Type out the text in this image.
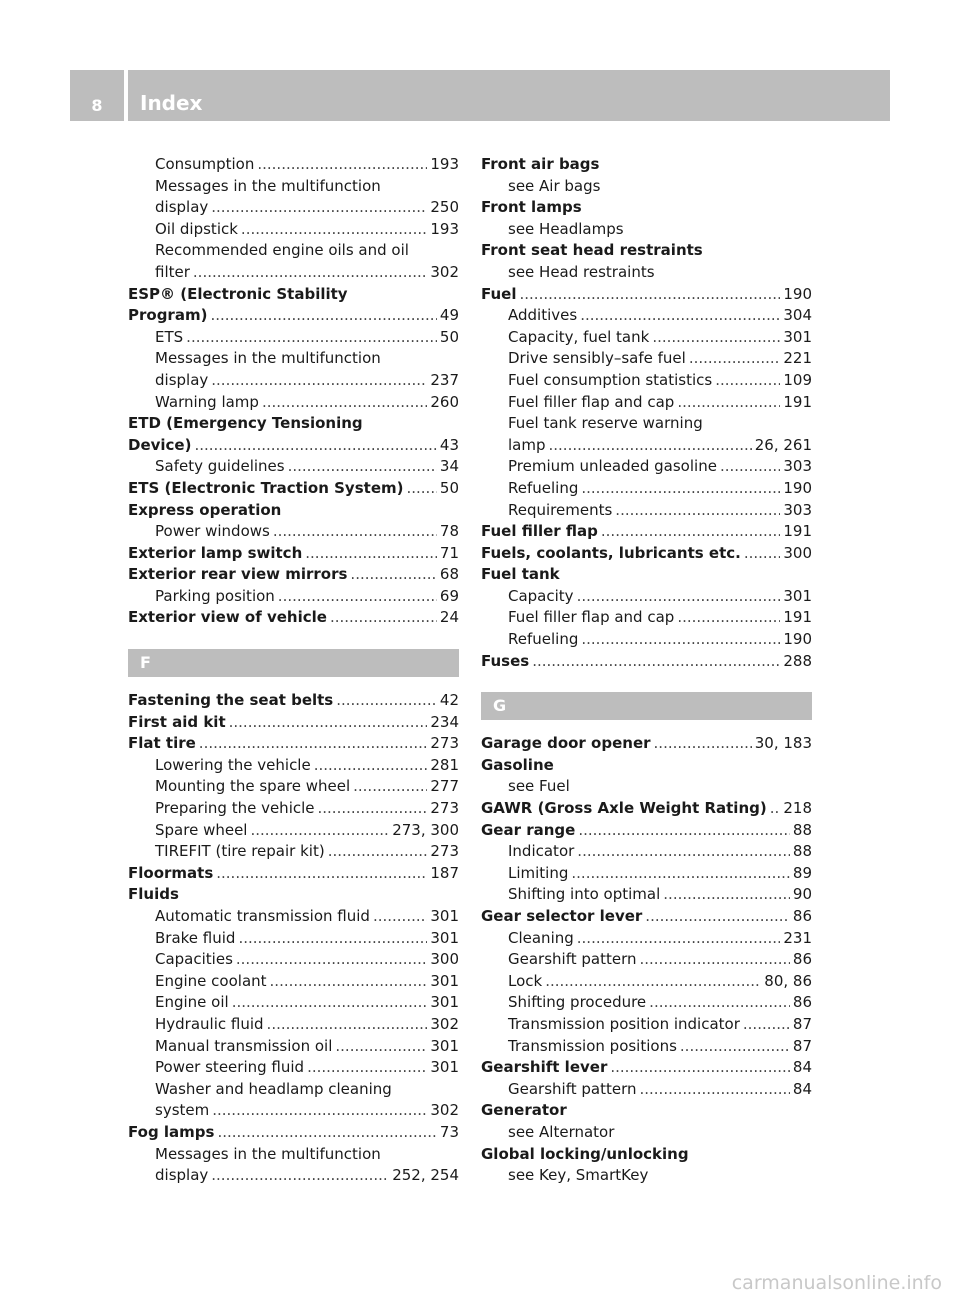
8	Index
Consumption .....	193
Messages in the multifunction
display .....	250
Oil dipstick .....	193
Recommended engine oils and oil
filter .....	302
ESP® (Electronic Stability
Program) .....	49
ETS .....	50
Messages in the multifunction
display .....	237
Warning lamp .....	260
ETD (Emergency Tensioning
Device) .....	43
Safety guidelines .....	34
ETS (Electronic Traction System) ..... 50
Express operation
Power windows .....	78
Exterior lamp switch .....	71
Exterior rear view mirrors .....	68
Parking position .....	69
Exterior view of vehicle .....	24
F
Fastening the seat belts .....	42
First aid kit .....	234
Flat tire .....	273
Lowering the vehicle .....	281
Mounting the spare wheel .....	277
Preparing the vehicle .....	273
Spare wheel .....	273, 300
TIREFIT (tire repair kit) .....	273
Floormats .....	187
Fluids
Automatic transmission fluid .....	301
Brake fluid .....	301
Capacities .....	300
Engine coolant .....	301
Engine oil .....	301
Hydraulic fluid .....	302
Manual transmission oil .....	301
Power steering fluid .....	301
Washer and headlamp cleaning
system .....	302
Fog lamps .....	73
Messages in the multifunction
display .....	252, 254
Front air bags
see Air bags
Front lamps
see Headlamps
Front seat head restraints
see Head restraints
Fuel .....	190
Additives .....	304
Capacity, fuel tank .....	301
Drive sensibly–safe fuel .....	221
Fuel consumption statistics .....	109
Fuel filler flap and cap .....	191
Fuel tank reserve warning
lamp .....	26, 261
Premium unleaded gasoline .....	303
Refueling .....	190
Requirements .....	303
Fuel filler flap .....	191
Fuels, coolants, lubricants etc. .....	300
Fuel tank
Capacity .....	301
Fuel filler flap and cap .....	191
Refueling .....	190
Fuses .....	288
G
Garage door opener .....	30, 183
Gasoline
see Fuel
GAWR (Gross Axle Weight Rating) ..... 218
Gear range .....	88
Indicator .....	88
Limiting .....	89
Shifting into optimal .....	90
Gear selector lever .....	86
Cleaning .....	231
Gearshift pattern .....	86
Lock .....	80, 86
Shifting procedure .....	86
Transmission position indicator .....	87
Transmission positions .....	87
Gearshift lever .....	84
Gearshift pattern .....	84
Generator
see Alternator
Global locking/unlocking
see Key, SmartKey
carmanualsonline.info
